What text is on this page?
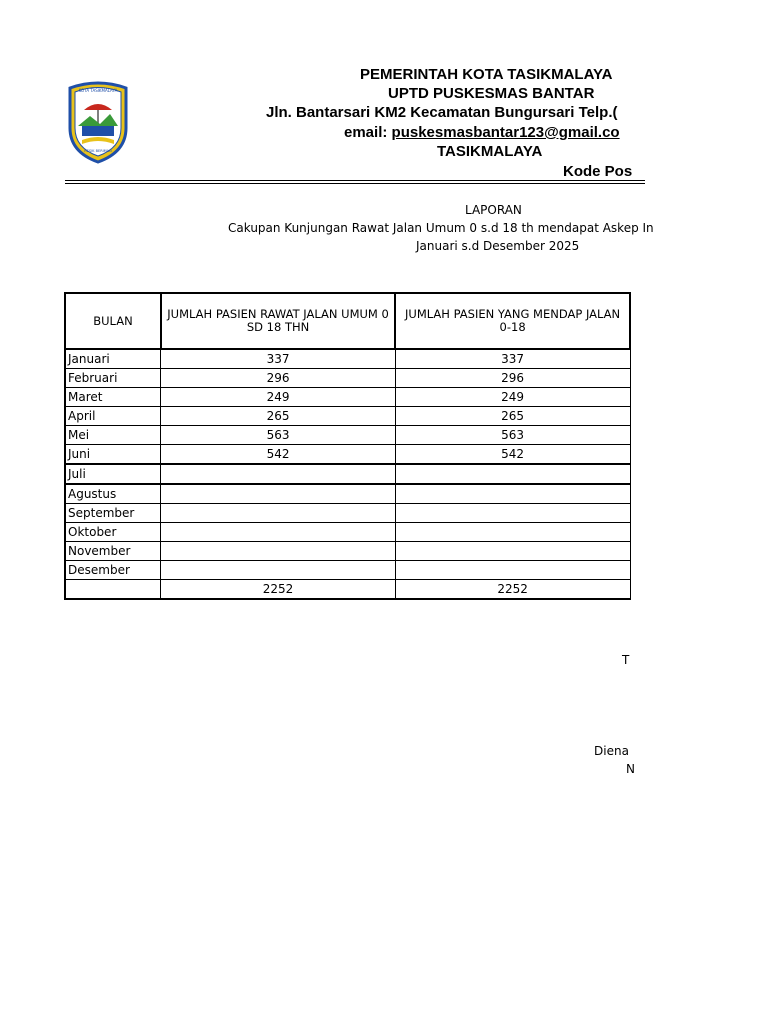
KOTA TASIKMALAYA
RESIK BERIMAN
PEMERINTAH KOTA TASIKMALAYA
UPTD PUSKESMAS BANTAR
Jln. Bantarsari KM2 Kecamatan Bungursari Telp.(
email: puskesmasbantar123@gmail.co
TASIKMALAYA
Kode Pos
LAPORAN
Cakupan Kunjungan Rawat Jalan Umum 0 s.d 18 th mendapat Askep In
Januari s.d Desember 2025
BULAN	JUMLAH PASIEN RAWAT JALAN UMUM 0 SD 18 THN	JUMLAH PASIEN YANG MENDAP JALAN 0-18
Januari	337	337
Februari	296	296
Maret	249	249
April	265	265
Mei	563	563
Juni	542	542
Juli		
Agustus		
September		
Oktober		
November		
Desember		
	2252	2252
T
Diena
N
